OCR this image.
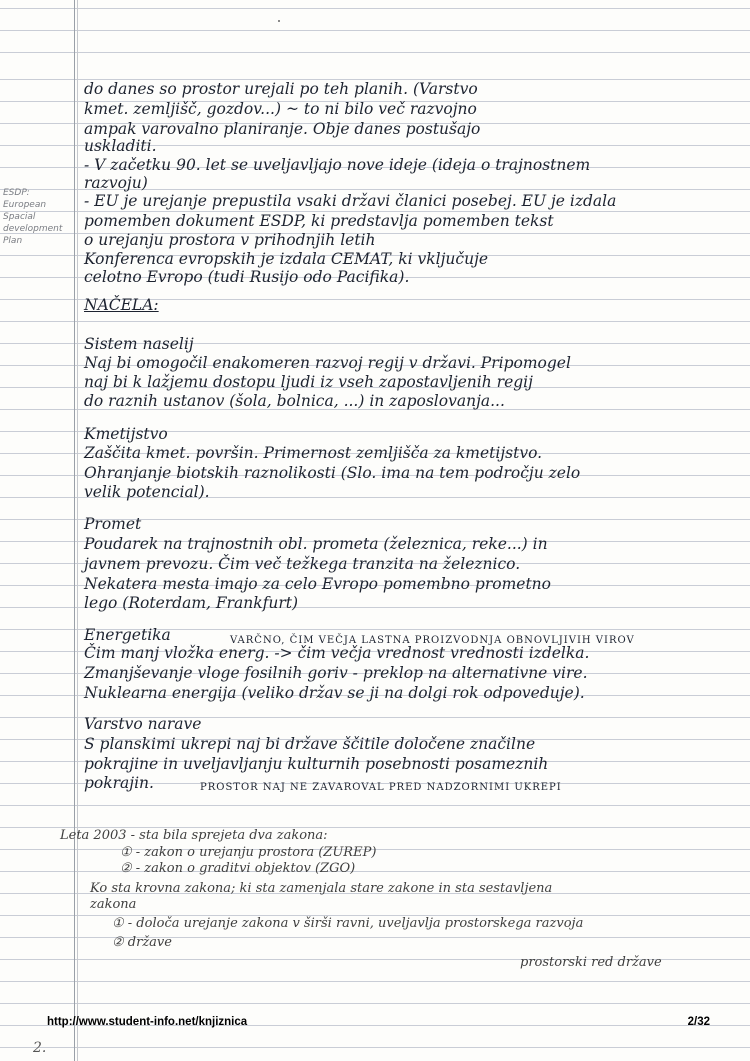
ESDP:
European
Spacial
development
Plan
do danes so prostor urejali po teh planih. (Varstvo
kmet. zemljišč, gozdov...) ~ to ni bilo več razvojno
ampak varovalno planiranje. Obje danes postušajo
uskladiti.
- V začetku 90. let se uveljavljajo nove ideje (ideja o trajnostnem
razvoju)
- EU je urejanje prepustila vsaki državi članici posebej. EU je izdala
pomemben dokument ESDP, ki predstavlja pomemben tekst
o urejanju prostora v prihodnjih letih
Konferenca evropskih je izdala CEMAT, ki vključuje
celotno Evropo (tudi Rusijo odo Pacifika).
NAČELA:
Sistem naselij
Naj bi omogočil enakomeren razvoj regij v državi. Pripomogel
naj bi k lažjemu dostopu ljudi iz vseh zapostavljenih regij
do raznih ustanov (šola, bolnica, ...) in zaposlovanja...
Kmetijstvo
Zaščita kmet. površin. Primernost zemljišča za kmetijstvo.
Ohranjanje biotskih raznolikosti (Slo. ima na tem področju zelo
velik potencial).
Promet
Poudarek na trajnostnih obl. prometa (železnica, reke...) in
javnem prevozu. Čim več težkega tranzita na železnico.
Nekatera mesta imajo za celo Evropo pomembno prometno
lego (Roterdam, Frankfurt)
Energetika	VARČNO, ČIM VEČJA LASTNA PROIZVODNJA OBNOVLJIVIH VIROV
Čim manj vložka energ. -> čim večja vrednost vrednosti izdelka.
Zmanjševanje vloge fosilnih goriv - preklop na alternativne vire.
Nuklearna energija (veliko držav se ji na dolgi rok odpoveduje).
Varstvo narave
S planskimi ukrepi naj bi države ščitile določene značilne
pokrajine in uveljavljanju kulturnih posebnosti posameznih
pokrajin.	PROSTOR NAJ NE ZAVAROVAL PRED NADZORNIMI UKREPI
Leta 2003 - sta bila sprejeta dva zakona:
① - zakon o urejanju prostora (ZUREP)
② - zakon o graditvi objektov (ZGO)
Ko sta krovna zakona; ki sta zamenjala stare zakone in sta sestavljena
zakona
① - določa urejanje zakona v širši ravni, uveljavlja prostorskega razvoja
② države
prostorski red države
http://www.student-info.net/knjiznica	2/32
2.
